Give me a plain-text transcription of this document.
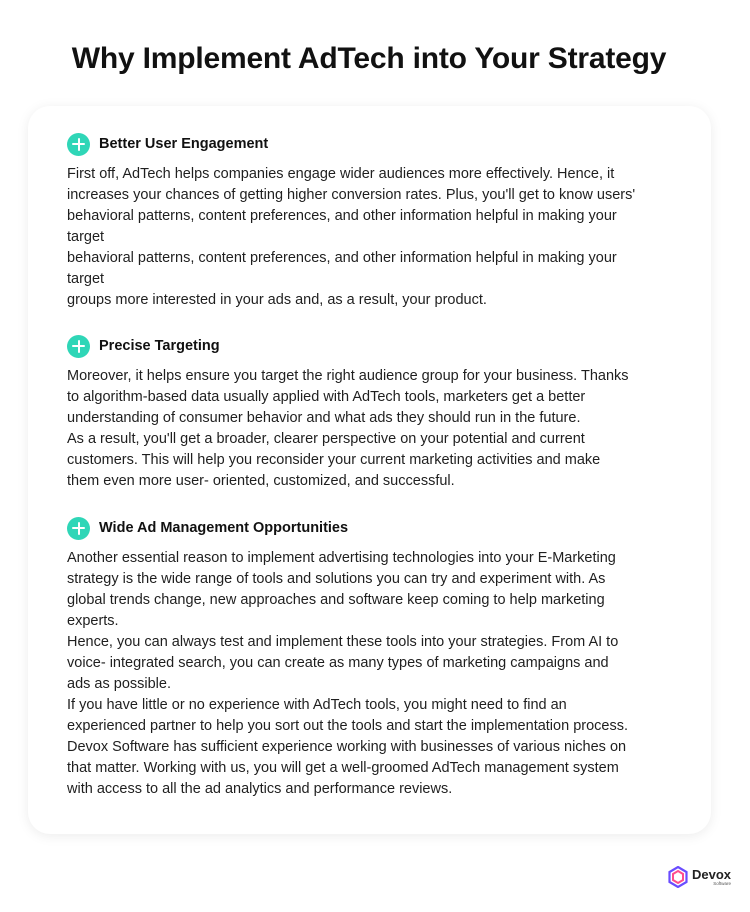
Why Implement AdTech into Your Strategy
Better User Engagement

First off, AdTech helps companies engage wider audiences more effectively. Hence, it

increases your chances of getting higher conversion rates. Plus, you'll get to know users'

behavioral patterns, content preferences, and other information helpful in making your

target

behavioral patterns, content preferences, and other information helpful in making your

target

groups more interested in your ads and, as a result, your product.

Precise Targeting

Moreover, it helps ensure you target the right audience group for your business. Thanks

to algorithm-based data usually applied with AdTech tools, marketers get a better

understanding of consumer behavior and what ads they should run in the future.

As a result, you'll get a broader, clearer perspective on your potential and current

customers. This will help you reconsider your current marketing activities and make

them even more user- oriented, customized, and successful.

Wide Ad Management Opportunities

Another essential reason to implement advertising technologies into your E-Marketing

strategy is the wide range of tools and solutions you can try and experiment with. As

global trends change, new approaches and software keep coming to help marketing

experts.

Hence, you can always test and implement these tools into your strategies. From AI to

voice- integrated search, you can create as many types of marketing campaigns and

ads as possible.

If you have little or no experience with AdTech tools, you might need to find an

experienced partner to help you sort out the tools and start the implementation process.

Devox Software has sufficient experience working with businesses of various niches on

that matter. Working with us, you will get a well-groomed AdTech management system

with access to all the ad analytics and performance reviews.

Devox
Software
